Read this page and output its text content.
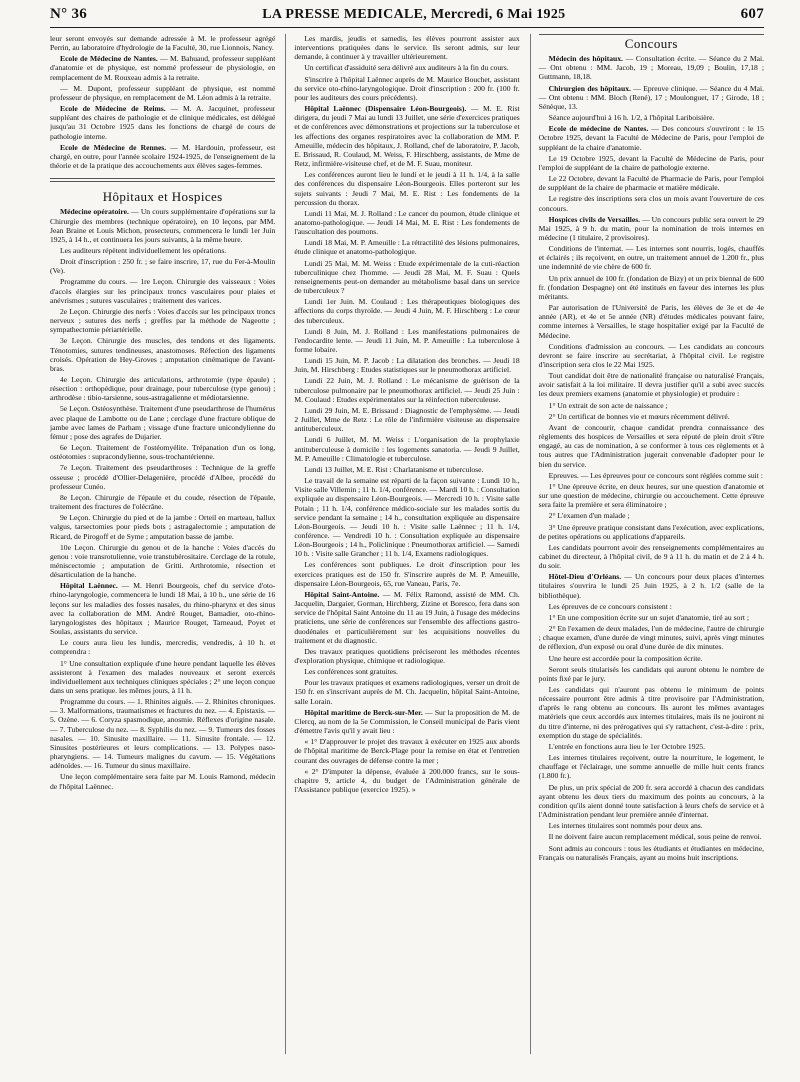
N° 36	LA PRESSE MEDICALE, Mercredi, 6 Mai 1925	607

leur seront envoyés sur demande adressée à M. le professeur agrégé Perrin, au laboratoire d'hydrologie de la Faculté, 30, rue Lionnois, Nancy.

Ecole de Médecine de Nantes. — M. Bahuaud, professeur suppléant d'anatomie et de physique, est nommé professeur de physiologie, en remplacement de M. Rouxeau admis à la retraite.

— M. Dupont, professeur suppléant de physique, est nommé professeur de physique, en remplacement de M. Léon admis à la retraite.

Ecole de Médecine de Reims. — M. A. Jacquinet, professeur suppléant des chaires de pathologie et de clinique médicales, est délégué jusqu'au 31 Octobre 1925 dans les fonctions de chargé de cours de pathologie interne.

Ecole de Médecine de Rennes. — M. Hardouin, professeur, est chargé, en outre, pour l'année scolaire 1924-1925, de l'enseignement de la théorie et de la pratique des accouchements aux élèves sages-femmes.

Hôpitaux et Hospices

Médecine opératoire. — Un cours supplémentaire d'opérations sur la Chirurgie des membres (technique opératoire), en 10 leçons, par MM. Jean Braine et Louis Michon, prosecteurs, commencera le lundi 1er Juin 1925, à 14 h., et continuera les jours suivants, à la même heure.

Les auditeurs répètent individuellement les opérations.

Droit d'inscription : 250 fr. ; se faire inscrire, 17, rue du Fer-à-Moulin (Ve).

Programme du cours. — 1re Leçon. Chirurgie des vaisseaux : Voies d'accès élargies sur les principaux troncs vasculaires pour plaies et anévrismes ; sutures vasculaires ; traitement des varices.

2e Leçon. Chirurgie des nerfs : Voies d'accès sur les principaux troncs nerveux ; sutures des nerfs ; greffes par la méthode de Nageotte ; sympathectomie périartérielle.

3e Leçon. Chirurgie des muscles, des tendons et des ligaments. Ténotomies, sutures tendineuses, anastomoses. Réfection des ligaments croisés. Opération de Hey-Groves ; amputation cinématique de l'avant-bras.

4e Leçon. Chirurgie des articulations, arthrotomie (type épaule) ; résection : orthopédique, pour drainage, pour tuberculose (type genou) ; arthrodèse : tibio-tarsienne, sous-astragalienne et médiotarsienne.

5e Leçon. Ostéosynthèse. Traitement d'une pseudarthrose de l'humérus avec plaque de Lambotte ou de Lane ; cerclage d'une fracture oblique de jambe avec lames de Parham ; vissage d'une fracture unicondylienne du fémur ; pose des agrafes de Dujarier.

6e Leçon. Traitement de l'ostéomyélite. Trépanation d'un os long, ostéotomies : supracondylienne, sous-trochantérienne.

7e Leçon. Traitement des pseudarthroses : Technique de la greffe osseuse ; procédé d'Ollier-Delagenière, procédé d'Albee, procédé du professeur Cunéo.

8e Leçon. Chirurgie de l'épaule et du coude, résection de l'épaule, traitement des fractures de l'olécrâne.

9e Leçon. Chirurgie du pied et de la jambe : Orteil en marteau, hallux valgus, tarsectomies pour pieds bots ; astragalectomie ; amputation de Ricard, de Pirogoff et de Syme ; amputation basse de jambe.

10e Leçon. Chirurgie du genou et de la hanche : Voies d'accès du genou : voie transrotulienne, voie transtubérositaire. Cerclage de la rotule, méniscectomie ; amputation de Gritti. Arthrotomie, résection et désarticulation de la hanche.

Hôpital Laënnec. — M. Henri Bourgeois, chef du service d'oto-rhino-laryngologie, commencera le lundi 18 Mai, à 10 h., une série de 16 leçons sur les maladies des fosses nasales, du rhino-pharynx et des sinus avec la collaboration de MM. André Rouget, Bamadier, oto-rhino-laryngologistes des hôpitaux ; Maurice Rouget, Tarneaud, Poyet et Soulas, assistants du service.

Le cours aura lieu les lundis, mercredis, vendredis, à 10 h. et comprendra :

1° Une consultation expliquée d'une heure pendant laquelle les élèves assisteront à l'examen des malades nouveaux et seront exercés individuellement aux techniques cliniques spéciales ; 2° une leçon conçue dans un sens pratique. les mêmes jours, à 11 h.

Programme du cours. — 1. Rhinites aiguës. — 2. Rhinites chroniques. — 3. Malformations, traumatismes et fractures du nez. — 4. Epistaxis. — 5. Ozène. — 6. Coryza spasmodique, anosmie. Réflexes d'origine nasale. — 7. Tuberculose du nez. — 8. Syphilis du nez. — 9. Tumeurs des fosses nasales. — 10. Sinusite maxillaire. — 11. Sinusite frontale. — 12. Sinusites postérieures et leurs complications. — 13. Polypes naso-pharyngiens. — 14. Tumeurs malignes du cavum. — 15. Végétations adénoïdes. — 16. Tumeur du sinus maxillaire.

Une leçon complémentaire sera faite par M. Louis Ramond, médecin de l'hôpital Laënnec.

Les mardis, jeudis et samedis, les élèves pourront assister aux interventions pratiquées dans le service. Ils seront admis, sur leur demande, à continuer à y travailler ultérieurement.

Un certificat d'assiduité sera délivré aux auditeurs à la fin du cours.

S'inscrire à l'hôpital Laënnec auprès de M. Maurice Bouchet, assistant du service oto-rhino-laryngologique. Droit d'inscription : 200 fr. (100 fr. pour les auditeurs des cours précédents).

Hôpital Laënnec (Dispensaire Léon-Bourgeois). — M. E. Rist dirigera, du jeudi 7 Mai au lundi 13 Juillet, une série d'exercices pratiques et de conférences avec démonstrations et projections sur la tuberculose et les affections des organes respiratoires avec la collaboration de MM. P. Ameuille, médecin des hôpitaux, J. Rolland, chef de laboratoire, P. Jacob, E. Brissaud, R. Coulaud, M. Weiss, F. Hirschberg, assistants, de Mme de Retz, infirmière-visiteuse chef, et de M. F. Suau, moniteur.

Les conférences auront lieu le lundi et le jeudi à 11 h. 1/4, à la salle des conférences du dispensaire Léon-Bourgeois. Elles porteront sur les sujets suivants : Jeudi 7 Mai, M. E. Rist : Les fondements de la percussion du thorax.

Lundi 11 Mai, M. J. Rolland : Le cancer du poumon, étude clinique et anatomo-pathologique. — Jeudi 14 Mai, M. E. Rist : Les fondements de l'auscultation des poumons.

Lundi 18 Mai, M. P. Ameuille : La rétractilité des lésions pulmonaires, étude clinique et anatomo-pathologique.

Lundi 25 Mai, M. M. Weiss : Etude expérimentale de la cuti-réaction tuberculinique chez l'homme. — Jeudi 28 Mai, M. F. Suau : Quels renseignements peut-on demander au métabolisme basal dans un service de tuberculeux ?

Lundi 1er Juin. M. Coulaud : Les thérapeutiques biologiques des affections du corps thyroïde. — Jeudi 4 Juin, M. F. Hirschberg : Le cœur des tuberculeux.

Lundi 8 Juin, M. J. Rolland : Les manifestations pulmonaires de l'endocardite lente. — Jeudi 11 Juin, M. P. Ameuille : La tuberculose à forme lobaire.

Lundi 15 Juin, M. P. Jacob : La dilatation des bronches. — Jeudi 18 Juin, M. Hirschberg : Etudes statistiques sur le pneumothorax artificiel.

Lundi 22 Juin, M. J. Rolland : Le mécanisme de guérison de la tuberculose pulmonaire par le pneumothorax artificiel. — Jeudi 25 Juin : M. Coulaud : Etudes expérimentales sur la réinfection tuberculeuse.

Lundi 29 Juin, M. E. Brissaud : Diagnostic de l'emphysème. — Jeudi 2 Juillet, Mme de Retz : Le rôle de l'infirmière visiteuse au dispensaire antituberculeux.

Lundi 6 Juillet, M. M. Weiss : L'organisation de la prophylaxie antituberculeuse à domicile : les logements sanatoria. — Jeudi 9 Juillet, M. P. Ameuille : Climatologie et tuberculose.

Lundi 13 Juillet, M. E. Rist : Charlatanisme et tuberculose.

Le travail de la semaine est réparti de la façon suivante : Lundi 10 h., Visite salle Villemin ; 11 h. 1/4, conférence. — Mardi 10 h. : Consultation expliquée au dispensaire Léon-Bourgeois. — Mercredi 10 h. : Visite salle Potain ; 11 h. 1/4, conférence médico-sociale sur les malades sortis du service pendant la semaine ; 14 h., consultation expliquée au dispensaire Léon-Bourgeois. — Jeudi 10 h. : Visite salle Laënnec ; 11 h. 1/4, conférence. — Vendredi 10 h. : Consultation expliquée au dispensaire Léon-Bourgeois ; 14 h., Policlinique : Pneumothorax artificiel. — Samedi 10 h. : Visite salle Grancher ; 11 h. 1/4, Examens radiologiques.

Les conférences sont publiques. Le droit d'inscription pour les exercices pratiques est de 150 fr. S'inscrire auprès de M. P. Ameuille, dispensaire Léon-Bourgeois, 65, rue Vaneau, Paris, 7e.

Hôpital Saint-Antoine. — M. Félix Ramond, assisté de MM. Ch. Jacquelin, Dargaier, Gorman, Hirchberg, Zizine et Boresco, fera dans son service de l'hôpital Saint Antoine du 11 au 19 Juin, à l'usage des médecins praticiens, une série de conférences sur l'ensemble des affections gastro-duodénales et particulièrement sur les acquisitions nouvelles du traitement et du diagnostic.

Des travaux pratiques quotidiens préciseront les méthodes récentes d'exploration physique, chimique et radiologique.

Les conférences sont gratuites.

Pour les travaux pratiques et examens radiologiques, verser un droit de 150 fr. en s'inscrivant auprès de M. Ch. Jacquelin, hôpital Saint-Antoine, salle Lorain.

Hôpital maritime de Berck-sur-Mer. — Sur la proposition de M. de Clercq, au nom de la 5e Commission, le Conseil municipal de Paris vient d'émettre l'avis qu'il y avait lieu :

« 1° D'approuver le projet des travaux à exécuter en 1925 aux abords de l'hôpital maritime de Berck-Plage pour la remise en état et l'entretien courant des ouvrages de défense contre la mer ;

« 2° D'imputer la dépense, évaluée à 200.000 francs, sur le sous-chapitre 9, article 4, du budget de l'Administration générale de l'Assistance publique (exercice 1925). »

Concours

Médecin des hôpitaux. — Consultation écrite. — Séance du 2 Mai. — Ont obtenu : MM. Jacob, 19 ; Moreau, 19,09 ; Boulin, 17,18 ; Guttmann, 18,18.

Chirurgien des hôpitaux. — Epreuve clinique. — Séance du 4 Mai. — Ont obtenu : MM. Bloch (René), 17 ; Moulonguet, 17 ; Girode, 18 ; Sénèque, 13.

Séance aujourd'hui à 16 h. 1/2, à l'hôpital Lariboisière.

Ecole de médecine de Nantes. — Des concours s'ouvriront : le 15 Octobre 1925, devant la Faculté de Médecine de Paris, pour l'emploi de suppléant de la chaire d'anatomie.

Le 19 Octobre 1925, devant la Faculté de Médecine de Paris, pour l'emploi de suppléant de la chaire de pathologie externe.

Le 22 Octobre, devant la Faculté de Pharmacie de Paris, pour l'emploi de suppléant de la chaire de pharmacie et matière médicale.

Le registre des inscriptions sera clos un mois avant l'ouverture de ces concours.

Hospices civils de Versailles. — Un concours public sera ouvert le 29 Mai 1925, à 9 h. du matin, pour la nomination de trois internes en médecine (1 titulaire, 2 provisoires).

Conditions de l'internat. — Les internes sont nourris, logés, chauffés et éclairés ; ils reçoivent, en outre, un traitement annuel de 1.200 fr., plus une indemnité de vie chère de 600 fr.

Un prix annuel de 100 fr. (fondation de Bizy) et un prix biennal de 600 fr. (fondation Despagne) ont été institués en faveur des internes les plus méritants.

Par autorisation de l'Université de Paris, les élèves de 3e et de 4e année (AR), et 4e et 5e année (NR) d'études médicales pouvant faire, comme internes à Versailles, le stage hospitalier exigé par la Faculté de Médecine.

Conditions d'admission au concours. — Les candidats au concours devront se faire inscrire au secrétariat, à l'hôpital civil. Le registre d'inscription sera clos le 22 Mai 1925.

Tout candidat doit être de nationalité française ou naturalisé Français, avoir satisfait à la loi militaire. Il devra justifier qu'il a subi avec succès les deux premiers examens (anatomie et physiologie) et produire :

1° Un extrait de son acte de naissance ;

2° Un certificat de bonnes vie et mœurs récemment délivré.

Avant de concourir, chaque candidat prendra connaissance des règlements des hospices de Versailles et sera réputé de plein droit s'être engagé, au cas de nomination, à se conformer à tous ces règlements et à tous autres que l'Administration jugerait convenable d'adopter pour le bien du service.

Epreuves. — Les épreuves pour ce concours sont réglées comme suit :

1° Une épreuve écrite, en deux heures, sur une question d'anatomie et sur une question de médecine, chirurgie ou accouchement. Cette épreuve sera faite la première et sera éliminatoire ;

2° L'examen d'un malade ;

3° Une épreuve pratique consistant dans l'exécution, avec explications, de petites opérations ou applications d'appareils.

Les candidats pourront avoir des renseignements complémentaires au cabinet du directeur, à l'hôpital civil, de 9 à 11 h. du matin et de 2 à 4 h. du soir.

Hôtel-Dieu d'Orléans. — Un concours pour deux places d'internes titulaires s'ouvrira le lundi 25 Juin 1925, à 2 h. 1/2 (salle de la bibliothèque).

Les épreuves de ce concours consistent :

1° En une composition écrite sur un sujet d'anatomie, tiré au sort ;

2° En l'examen de deux malades, l'un de médecine, l'autre de chirurgie ; chaque examen, d'une durée de vingt minutes, suivi, après vingt minutes de réflexion, d'un exposé ou oral d'une durée de dix minutes.

Une heure est accordée pour la composition écrite.

Seront seuls titularisés les candidats qui auront obtenu le nombre de points fixé par le jury.

Les candidats qui n'auront pas obtenu le minimum de points nécessaire pourront être admis à titre provisoire par l'Administration, d'après le rang obtenu au concours. Ils auront les mêmes avantages matériels que ceux accordés aux internes titulaires, mais ils ne jouiront ni du titre d'interne, ni des prérogatives qui s'y rattachent, c'est-à-dire : prix, exemption du stage de spécialités.

L'entrée en fonctions aura lieu le 1er Octobre 1925.

Les internes titulaires reçoivent, outre la nourriture, le logement, le chauffage et l'éclairage, une somme annuelle de mille huit cents francs (1.800 fr.).

De plus, un prix spécial de 200 fr. sera accordé à chacun des candidats ayant obtenu les deux tiers du maximum des points au concours, à la condition qu'ils aient donné toute satisfaction à leurs chefs de service et à l'Administration pendant leur première année d'internat.

Les internes titulaires sont nommés pour deux ans.

Il ne doivent faire aucun remplacement médical, sous peine de renvoi.

Sont admis au concours : tous les étudiants et étudiantes en médecine, Français ou naturalisés Français, ayant au moins huit inscriptions.
